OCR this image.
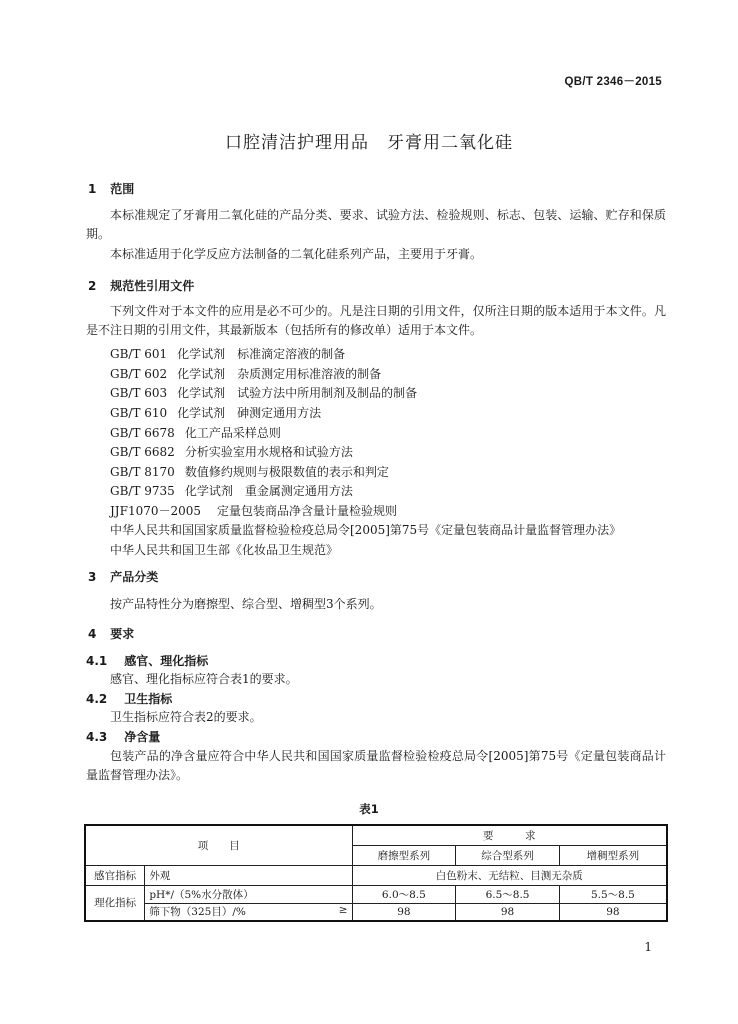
QB/T 2346－2015
口腔清洁护理用品　牙膏用二氧化硅
1 范围
本标准规定了牙膏用二氧化硅的产品分类、要求、试验方法、检验规则、标志、包装、运输、贮存和保质期。
本标准适用于化学反应方法制备的二氧化硅系列产品，主要用于牙膏。
2 规范性引用文件
下列文件对于本文件的应用是必不可少的。凡是注日期的引用文件，仅所注日期的版本适用于本文件。凡是不注日期的引用文件，其最新版本（包括所有的修改单）适用于本文件。
GB/T 601 化学试剂　标准滴定溶液的制备
GB/T 602 化学试剂　杂质测定用标准溶液的制备
GB/T 603 化学试剂　试验方法中所用制剂及制品的制备
GB/T 610 化学试剂　砷测定通用方法
GB/T 6678 化工产品采样总则
GB/T 6682 分析实验室用水规格和试验方法
GB/T 8170 数值修约规则与极限数值的表示和判定
GB/T 9735 化学试剂　重金属测定通用方法
JJF1070－2005 定量包装商品净含量计量检验规则
中华人民共和国国家质量监督检验检疫总局令[2005]第75号《定量包装商品计量监督管理办法》
中华人民共和国卫生部《化妆品卫生规范》
3 产品分类
按产品特性分为磨擦型、综合型、增稠型3个系列。
4 要求
4.1 感官、理化指标
感官、理化指标应符合表1的要求。
4.2 卫生指标
卫生指标应符合表2的要求。
4.3 净含量
包装产品的净含量应符合中华人民共和国国家质量监督检验检疫总局令[2005]第75号《定量包装商品计量监督管理办法》。
表1
项　　目		要　　　求		
		磨擦型系列	综合型系列	增稠型系列
感官指标	外观	白色粉末、无结粒、目测无杂质		
理化指标	pH*/（5%水分散体）	6.0～8.5	6.5～8.5	5.5～8.5
	筛下物（325目）/% ≥	98	98	98
1
